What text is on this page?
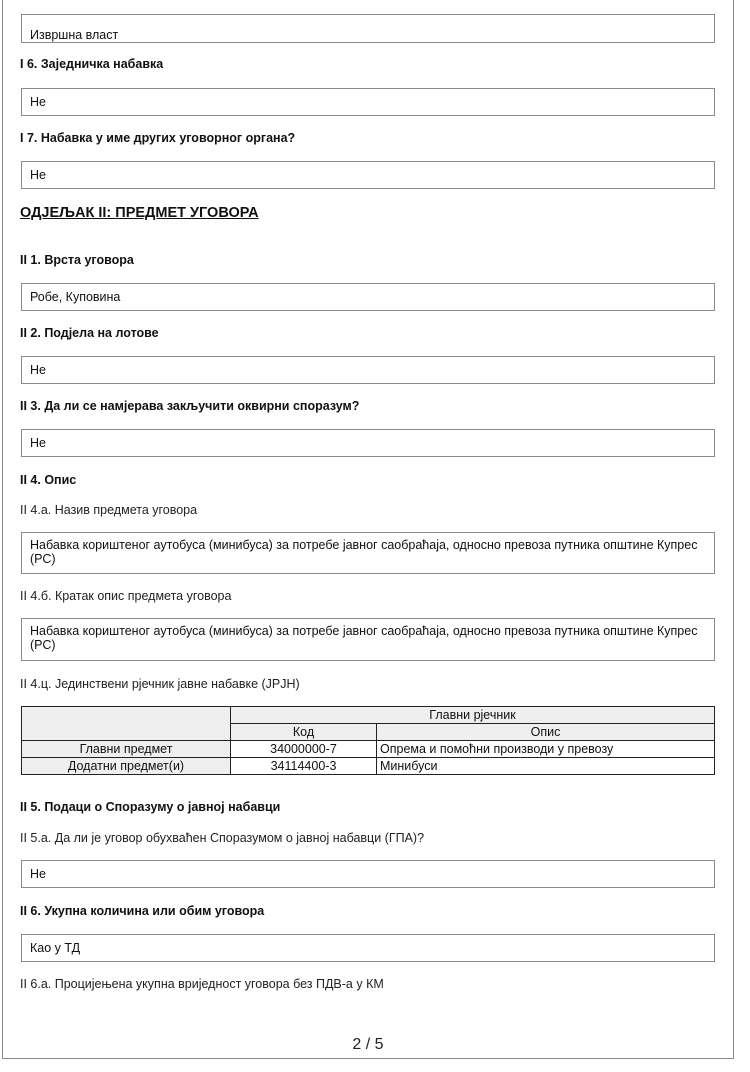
Извршна власт
I 6. Заједничка набавка
Не
I 7. Набавка у име других уговорног органа?
Не
ОДЈЕЉАК II: ПРЕДМЕТ УГОВОРА
II 1. Врста уговора
Робе, Куповина
II 2. Подјела на лотове
Не
II 3. Да ли се намјерава закључити оквирни споразум?
Не
II 4. Опис
II 4.а. Назив предмета уговора
Набавка кориштеног аутобуса (минибуса) за потребе јавног саобраћаја, односно превоза путника општине Купрес
(РС)
II 4.б. Кратак опис предмета уговора
Набавка кориштеног аутобуса (минибуса) за потребе јавног саобраћаја, односно превоза путника општине Купрес
(РС)
II 4.ц. Јединствени рјечник јавне набавке (ЈРЈН)
	Главни рјечник	
	Код	Опис
Главни предмет	34000000-7	Опрема и помоћни производи у превозу
Додатни предмет(и)	34114400-3	Минибуси
II 5. Подаци о Споразуму о јавној набавци
II 5.а. Да ли је уговор обухваћен Споразумом о јавној набавци (ГПА)?
Не
II 6. Укупна количина или обим уговора
Као у ТД
II 6.а. Процијењена укупна вриједност уговора без ПДВ-а у КМ
2 / 5
